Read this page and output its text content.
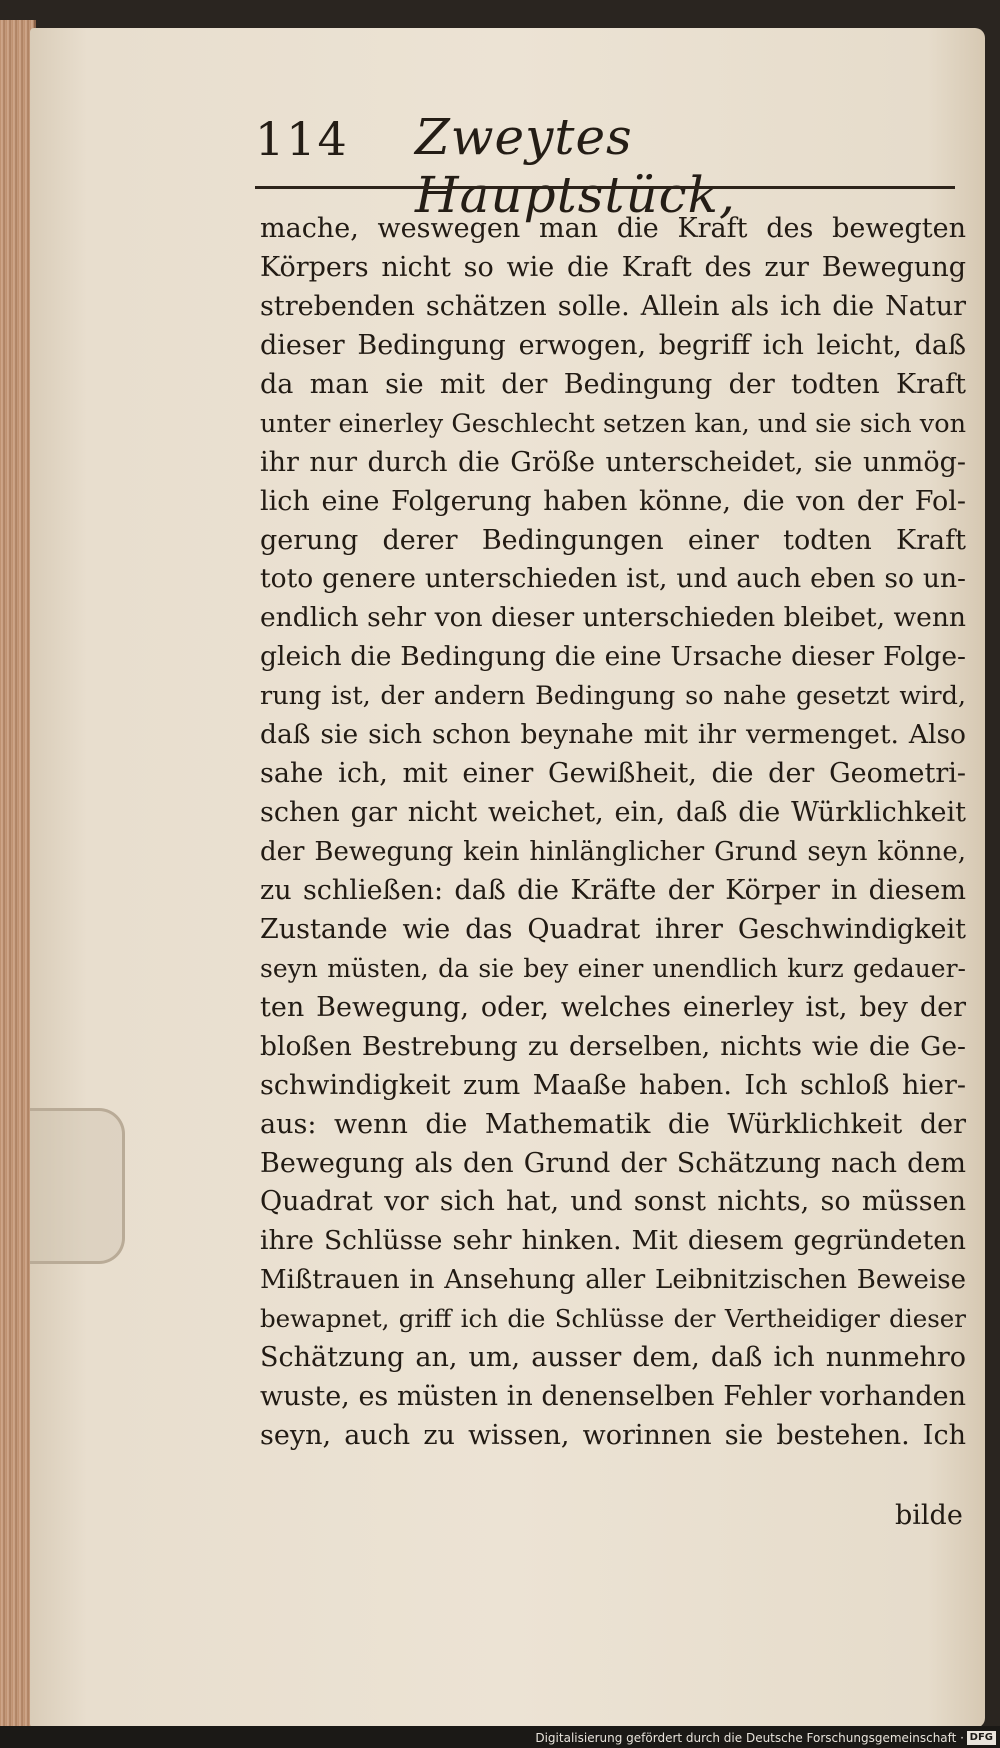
114 Zweytes Hauptstück,
mache, weswegen man die Kraft des bewegten
Körpers nicht so wie die Kraft des zur Bewegung
strebenden schätzen solle. Allein als ich die Natur
dieser Bedingung erwogen, begriff ich leicht, daß
da man sie mit der Bedingung der todten Kraft
unter einerley Geschlecht setzen kan, und sie sich von
ihr nur durch die Größe unterscheidet, sie unmög-
lich eine Folgerung haben könne, die von der Fol-
gerung derer Bedingungen einer todten Kraft
toto genere unterschieden ist, und auch eben so un-
endlich sehr von dieser unterschieden bleibet, wenn
gleich die Bedingung die eine Ursache dieser Folge-
rung ist, der andern Bedingung so nahe gesetzt wird,
daß sie sich schon beynahe mit ihr vermenget. Also
sahe ich, mit einer Gewißheit, die der Geometri-
schen gar nicht weichet, ein, daß die Würklichkeit
der Bewegung kein hinlänglicher Grund seyn könne,
zu schließen: daß die Kräfte der Körper in diesem
Zustande wie das Quadrat ihrer Geschwindigkeit
seyn müsten, da sie bey einer unendlich kurz gedauer-
ten Bewegung, oder, welches einerley ist, bey der
bloßen Bestrebung zu derselben, nichts wie die Ge-
schwindigkeit zum Maaße haben. Ich schloß hier-
aus: wenn die Mathematik die Würklichkeit der
Bewegung als den Grund der Schätzung nach dem
Quadrat vor sich hat, und sonst nichts, so müssen
ihre Schlüsse sehr hinken. Mit diesem gegründeten
Mißtrauen in Ansehung aller Leibnitzischen Beweise
bewapnet, griff ich die Schlüsse der Vertheidiger dieser
Schätzung an, um, ausser dem, daß ich nunmehro
wuste, es müsten in denenselben Fehler vorhanden
seyn, auch zu wissen, worinnen sie bestehen. Ich
bilde
Digitalisierung gefördert durch die Deutsche Forschungsgemeinschaft · DFG
